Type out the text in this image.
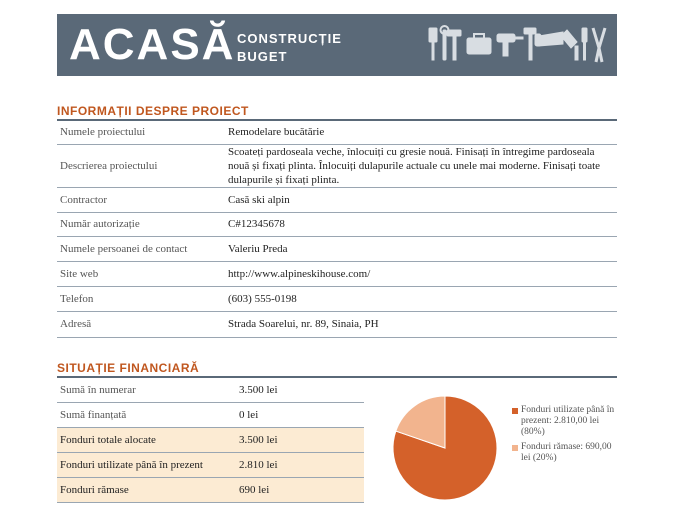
ACASĂ CONSTRUCȚIE
BUGET
INFORMAȚII DESPRE PROIECT
Numele proiectului	Remodelare bucătărie
Descrierea proiectului	Scoateți pardoseala veche, înlocuiți cu gresie nouă. Finisați în întregime pardoseala nouă și fixați plinta. Înlocuiți dulapurile actuale cu unele mai moderne. Finisați toate dulapurile și fixați plinta.
Contractor	Casă ski alpin
Număr autorizație	C#12345678
Numele persoanei de contact	Valeriu Preda
Site web	http://www.alpineskihouse.com/
Telefon	(603) 555-0198
Adresă	Strada Soarelui, nr. 89, Sinaia, PH
SITUAȚIE FINANCIARĂ
Sumă în numerar	3.500 lei
Sumă finanțată	0 lei
Fonduri totale alocate	3.500 lei
Fonduri utilizate până în prezent	2.810 lei
Fonduri rămase	690 lei
Fonduri utilizate până în prezent: 2.810,00 lei (80%)
Fonduri rămase: 690,00 lei (20%)
